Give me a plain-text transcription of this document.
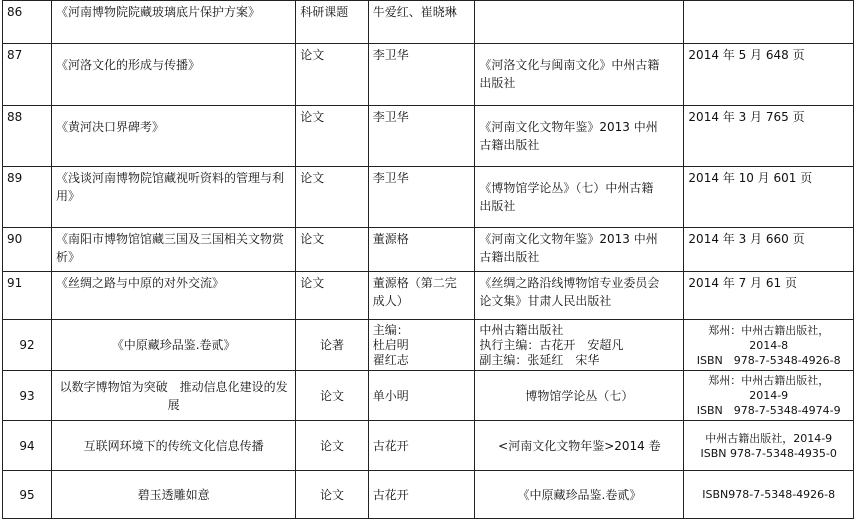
86	《河南博物院院藏玻璃底片保护方案》	科研课题	牛爱红、崔晓琳		

87	《河洛文化的形成与传播》	论文	李卫华	《河洛文化与闽南文化》中州古籍
出版社	2014 年 5 月 648 页

88	《黄河决口界碑考》	论文	李卫华	《河南文化文物年鉴》2013 中州
古籍出版社	2014 年 3 月 765 页

89	《浅谈河南博物院馆藏视听资料的管理与利用》	论文	李卫华	《博物馆学论丛》（七）中州古籍
出版社	2014 年 10 月 601 页

90	《南阳市博物馆馆藏三国及三国相关文物赏析》	论文	董源格	《河南文化文物年鉴》2013 中州
古籍出版社	2014 年 3 月 660 页

91	《丝绸之路与中原的对外交流》	论文	董源格（第二完
成人）	《丝绸之路沿线博物馆专业委员会
论文集》甘肃人民出版社	2014 年 7 月 61 页

92	《中原藏珍品鉴.卷贰》	论著	主编：
杜启明
翟红志	中州古籍出版社
执行主编：古花开　安超凡
副主编：张延红　宋华	郑州：中州古籍出版社，
2014-8
ISBN　978-7-5348-4926-8

93	以数字博物馆为突破　推动信息化建设的发展	论文	单小明	博物馆学论丛（七）	郑州：中州古籍出版社，
2014-9
ISBN　978-7-5348-4974-9

94	互联网环境下的传统文化信息传播	论文	古花开	<河南文化文物年鉴>2014 卷	中州古籍出版社，2014-9
ISBN 978-7-5348-4935-0

95	碧玉透雕如意	论文	古花开	《中原藏珍品鉴.卷贰》	ISBN978-7-5348-4926-8
